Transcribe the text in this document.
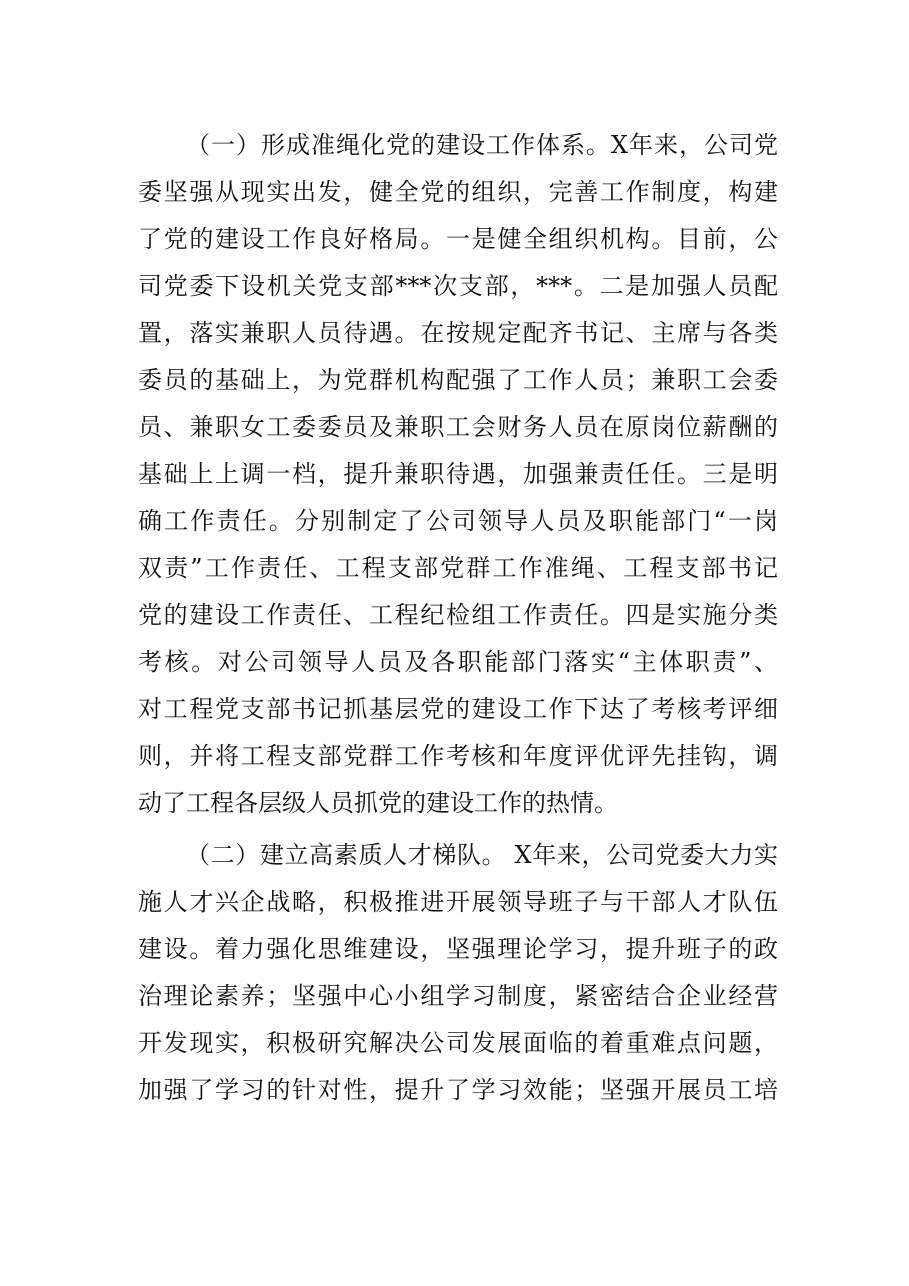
（一）形成准绳化党的建设工作体系。X年来，公司党
委坚强从现实出发，健全党的组织，完善工作制度，构建
了党的建设工作良好格局。一是健全组织机构。目前，公
司党委下设机关党支部***次支部，***。二是加强人员配
置，落实兼职人员待遇。在按规定配齐书记、主席与各类
委员的基础上，为党群机构配强了工作人员；兼职工会委
员、兼职女工委委员及兼职工会财务人员在原岗位薪酬的
基础上上调一档，提升兼职待遇，加强兼责任任。三是明
确工作责任。分别制定了公司领导人员及职能部门“一岗
双责”工作责任、工程支部党群工作准绳、工程支部书记
党的建设工作责任、工程纪检组工作责任。四是实施分类
考核。对公司领导人员及各职能部门落实“主体职责”、
对工程党支部书记抓基层党的建设工作下达了考核考评细
则，并将工程支部党群工作考核和年度评优评先挂钩，调
动了工程各层级人员抓党的建设工作的热情。
（二）建立高素质人才梯队。 X年来，公司党委大力实
施人才兴企战略，积极推进开展领导班子与干部人才队伍
建设。着力强化思维建设，坚强理论学习，提升班子的政
治理论素养；坚强中心小组学习制度，紧密结合企业经营
开发现实，积极研究解决公司发展面临的着重难点问题，
加强了学习的针对性，提升了学习效能；坚强开展员工培
